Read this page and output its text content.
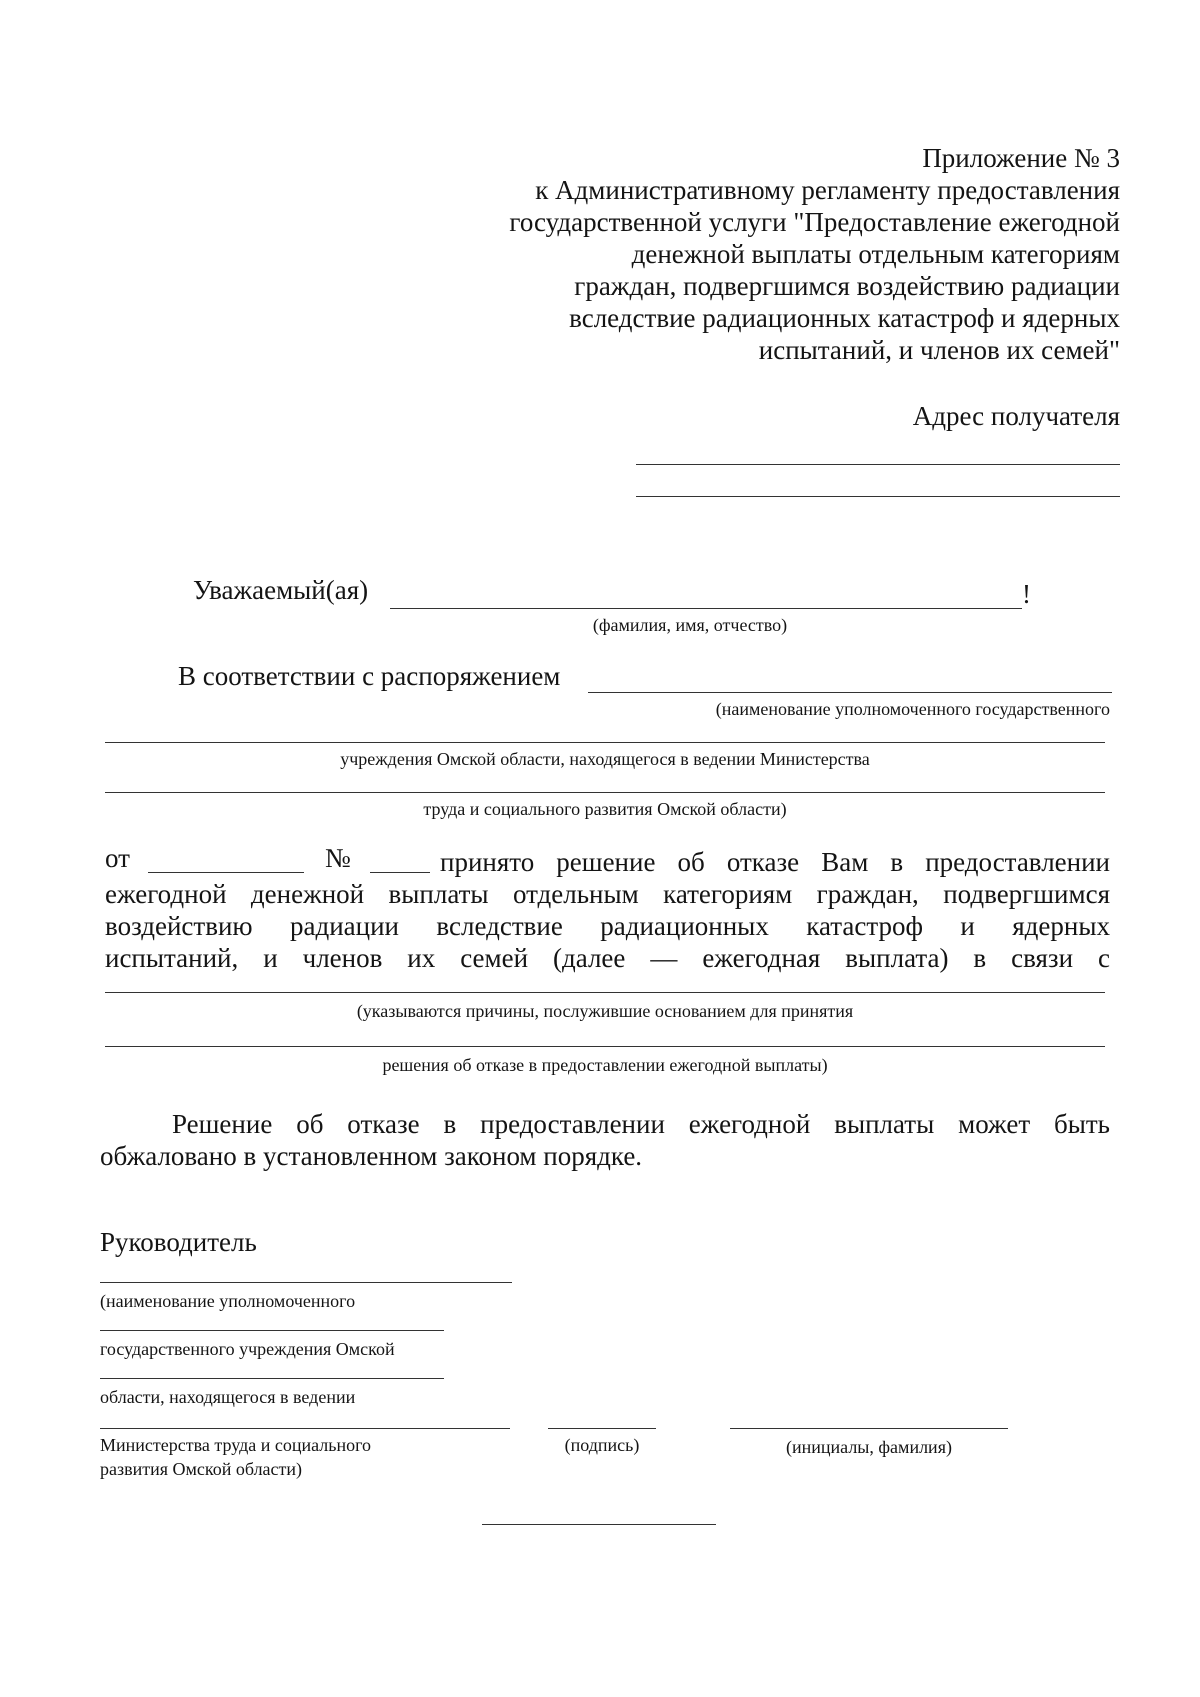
Приложение № 3
к Административному регламенту предоставления
государственной услуги "Предоставление ежегодной
денежной выплаты отдельным категориям
граждан, подвергшимся воздействию радиации
вследствие радиационных катастроф и ядерных
испытаний, и членов их семей"
Адрес получателя
Уважаемый(ая)	!
(фамилия, имя, отчество)
В соответствии с распоряжением
(наименование уполномоченного государственного
учреждения Омской области, находящегося в ведении Министерства
труда и социального развития Омской области)
от	№	принято решение об отказе Вам в предоставлении
ежегодной денежной выплаты отдельным категориям граждан, подвергшимся
воздействию радиации вследствие радиационных катастроф и ядерных
испытаний, и членов их семей (далее — ежегодная выплата) в связи с
(указываются причины, послужившие основанием для принятия
решения об отказе в предоставлении ежегодной выплаты)
Решение об отказе в предоставлении ежегодной выплаты может быть
обжаловано в установленном законом порядке.
Руководитель
(наименование уполномоченного
государственного учреждения Омской
области, находящегося в ведении
Министерства труда и социального
развития Омской области)
(подпись)	(инициалы, фамилия)
